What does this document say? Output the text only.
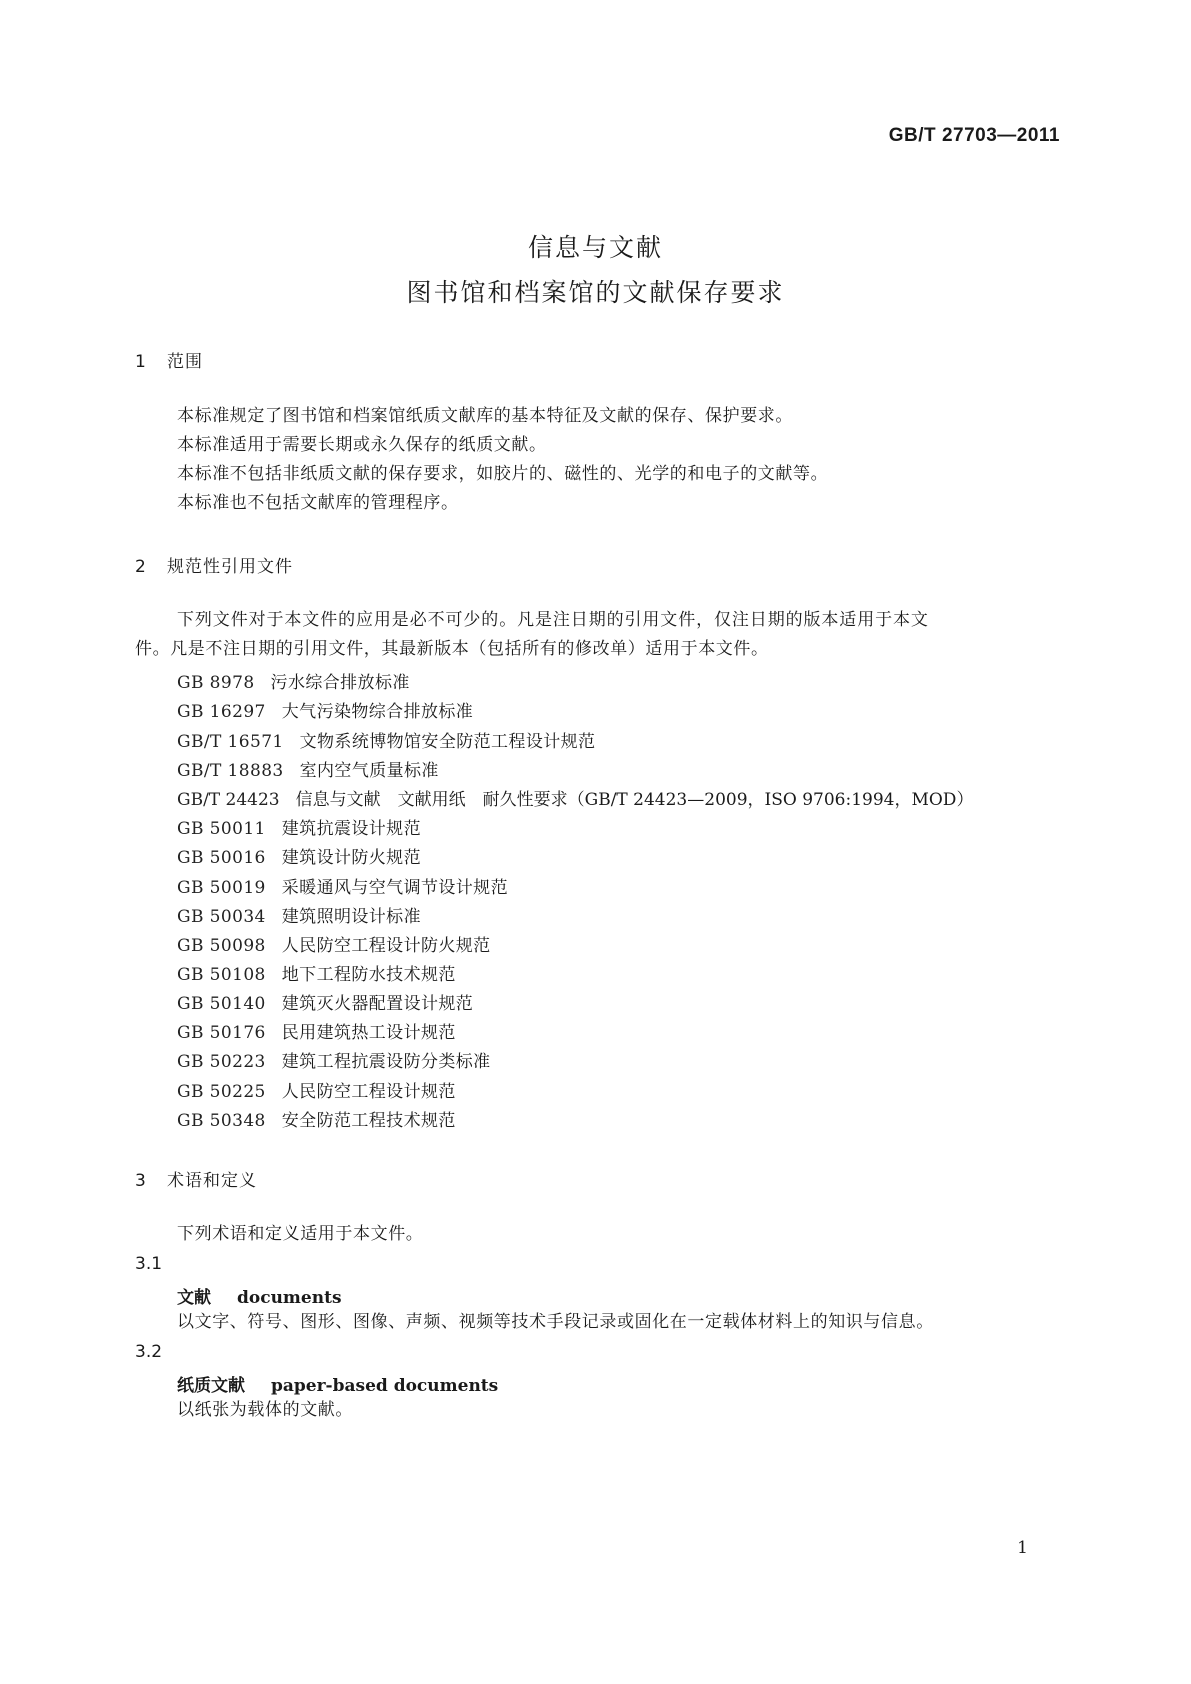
GB/T 27703—2011
信息与文献
图书馆和档案馆的文献保存要求
1 范围
本标准规定了图书馆和档案馆纸质文献库的基本特征及文献的保存、保护要求。
本标准适用于需要长期或永久保存的纸质文献。
本标准不包括非纸质文献的保存要求，如胶片的、磁性的、光学的和电子的文献等。
本标准也不包括文献库的管理程序。
2 规范性引用文件
下列文件对于本文件的应用是必不可少的。凡是注日期的引用文件，仅注日期的版本适用于本文
件。凡是不注日期的引用文件，其最新版本（包括所有的修改单）适用于本文件。
GB 8978 污水综合排放标准
GB 16297 大气污染物综合排放标准
GB/T 16571 文物系统博物馆安全防范工程设计规范
GB/T 18883 室内空气质量标准
GB/T 24423 信息与文献　文献用纸　耐久性要求（GB/T 24423—2009，ISO 9706:1994，MOD）
GB 50011 建筑抗震设计规范
GB 50016 建筑设计防火规范
GB 50019 采暖通风与空气调节设计规范
GB 50034 建筑照明设计标准
GB 50098 人民防空工程设计防火规范
GB 50108 地下工程防水技术规范
GB 50140 建筑灭火器配置设计规范
GB 50176 民用建筑热工设计规范
GB 50223 建筑工程抗震设防分类标准
GB 50225 人民防空工程设计规范
GB 50348 安全防范工程技术规范
3 术语和定义
下列术语和定义适用于本文件。
3.1
文献 documents
以文字、符号、图形、图像、声频、视频等技术手段记录或固化在一定载体材料上的知识与信息。
3.2
纸质文献 paper-based documents
以纸张为载体的文献。
1
